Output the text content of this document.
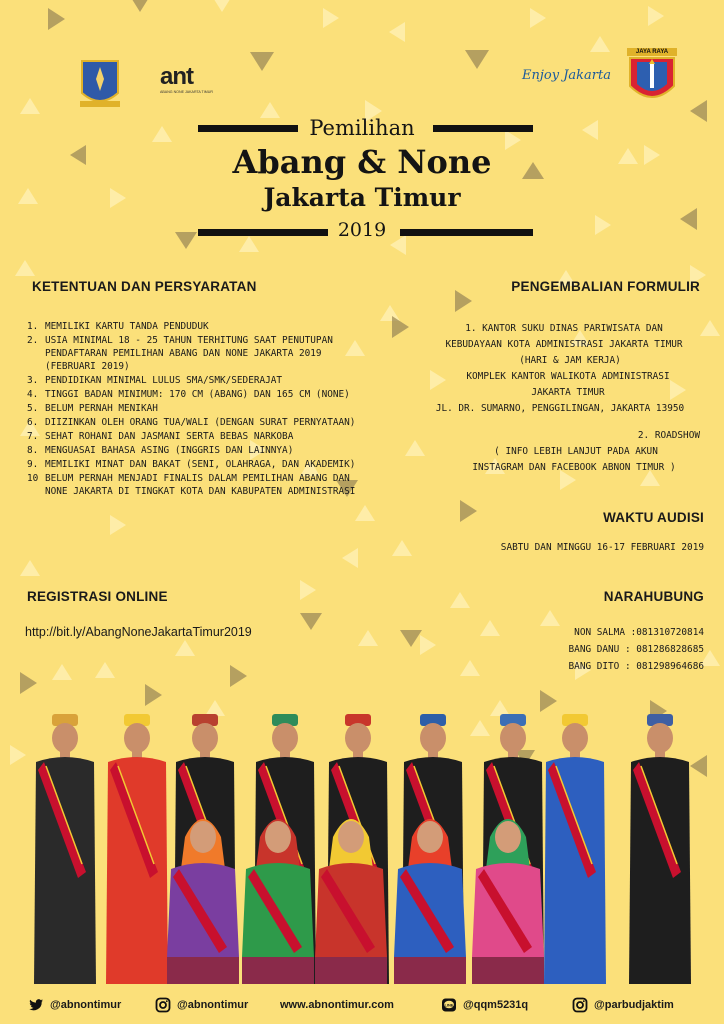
ant
ABANG NONE JAKARTA TIMUR
Enjoy Jakarta
JAYA RAYA
Pemilihan
Abang & None
Jakarta Timur
2019
KETENTUAN DAN PERSYARATAN
1. MEMILIKI KARTU TANDA PENDUDUK
2. USIA MINIMAL 18 - 25 TAHUN TERHITUNG SAAT PENUTUPAN PENDAFTARAN PEMILIHAN ABANG DAN NONE JAKARTA 2019 (FEBRUARI 2019)
3. PENDIDIKAN MINIMAL LULUS SMA/SMK/SEDERAJAT
4. TINGGI BADAN MINIMUM: 170 CM (ABANG) DAN 165 CM (NONE)
5. BELUM PERNAH MENIKAH
6. DIIZINKAN OLEH ORANG TUA/WALI (DENGAN SURAT PERNYATAAN)
7. SEHAT ROHANI DAN JASMANI SERTA BEBAS NARKOBA
8. MENGUASAI BAHASA ASING (INGGRIS DAN LAINNYA)
9. MEMILIKI MINAT DAN BAKAT (SENI, OLAHRAGA, DAN AKADEMIK)
10 BELUM PERNAH MENJADI FINALIS DALAM PEMILIHAN ABANG DAN NONE JAKARTA DI TINGKAT KOTA DAN KABUPATEN ADMINISTRASI
REGISTRASI ONLINE
http://bit.ly/AbangNoneJakartaTimur2019
PENGEMBALIAN FORMULIR
1. KANTOR SUKU DINAS PARIWISATA DAN
KEBUDAYAAN KOTA ADMINISTRASI JAKARTA TIMUR
(HARI & JAM KERJA)
KOMPLEK KANTOR WALIKOTA ADMINISTRASI
JAKARTA TIMUR
JL. DR. SUMARNO, PENGGILINGAN, JAKARTA 13950
2. ROADSHOW
( INFO LEBIH LANJUT PADA AKUN
INSTAGRAM DAN FACEBOOK ABNON TIMUR )
WAKTU AUDISI
SABTU DAN MINGGU 16-17 FEBRUARI 2019
NARAHUBUNG
NON SALMA :081310720814
BANG DANU : 081286828685
BANG DITO : 081298964686
@abnontimur	@abnontimur	www.abnontimur.com	LINE @qqm5231q	@parbudjaktim
